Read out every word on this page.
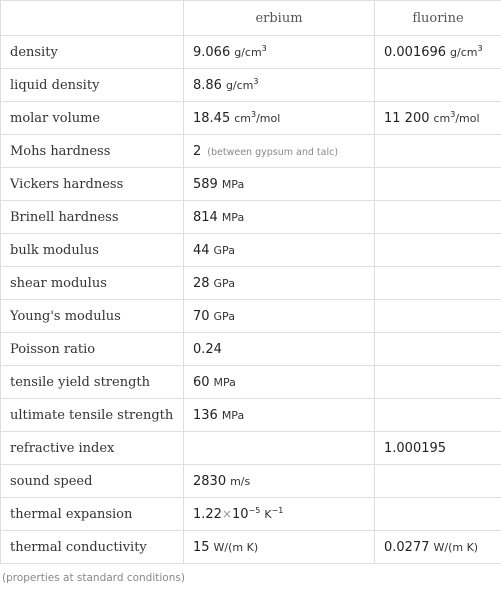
	erbium	fluorine
density	9.066 $g/cm^3$	0.001696 $g/cm^3$
liquid density	8.86 $g/cm^3$	
molar volume	18.45 $cm^3$/mol	11 200 $cm^3$/mol
Mohs hardness	2 (between gypsum and talc)	
Vickers hardness	589 MPa	
Brinell hardness	814 MPa	
bulk modulus	44 GPa	
shear modulus	28 GPa	
Young's modulus	70 GPa	
Poisson ratio	0.24	
tensile yield strength	60 MPa	
ultimate tensile strength	136 MPa	
refractive index		1.000195
sound speed	2830 m/s	
thermal expansion	$1.22\times 10^{-5}$ $K^{-1}$	
thermal conductivity	15 W/(m K)	0.0277 W/(m K)
(properties at standard conditions)
